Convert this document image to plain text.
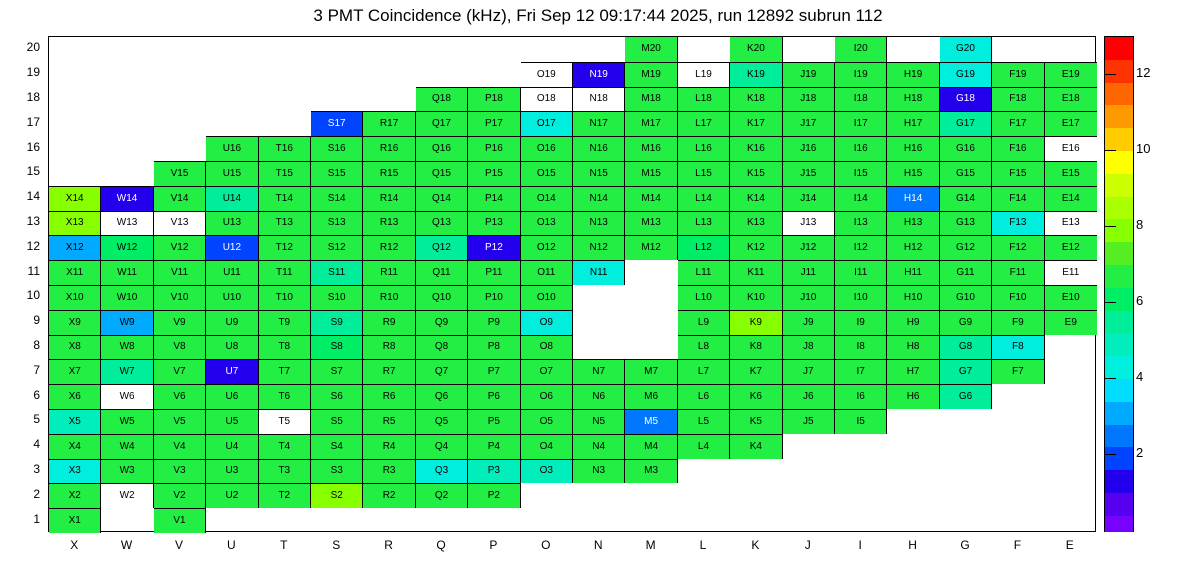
3 PMT Coincidence (kHz), Fri Sep 12 09:17:44 2025, run 12892 subrun 112
X1	V1
X2	W2	V2	U2	T2	S2	R2	Q2	P2
X3	W3	V3	U3	T3	S3	R3	Q3	P3	O3	N3	M3
X4	W4	V4	U4	T4	S4	R4	Q4	P4	O4	N4	M4	L4	K4
X5	W5	V5	U5	T5	S5	R5	Q5	P5	O5	N5	M5	L5	K5	J5	I5
X6	W6	V6	U6	T6	S6	R6	Q6	P6	O6	N6	M6	L6	K6	J6	I6	H6	G6
X7	W7	V7	U7	T7	S7	R7	Q7	P7	O7	N7	M7	L7	K7	J7	I7	H7	G7	F7
X8	W8	V8	U8	T8	S8	R8	Q8	P8	O8	L8	K8	J8	I8	H8	G8	F8
X9	W9	V9	U9	T9	S9	R9	Q9	P9	O9	L9	K9	J9	I9	H9	G9	F9	E9
X10	W10	V10	U10	T10	S10	R10	Q10	P10	O10	L10	K10	J10	I10	H10	G10	F10	E10
X11	W11	V11	U11	T11	S11	R11	Q11	P11	O11	N11	L11	K11	J11	I11	H11	G11	F11	E11
X12	W12	V12	U12	T12	S12	R12	Q12	P12	O12	N12	M12	L12	K12	J12	I12	H12	G12	F12	E12
X13	W13	V13	U13	T13	S13	R13	Q13	P13	O13	N13	M13	L13	K13	J13	I13	H13	G13	F13	E13
X14	W14	V14	U14	T14	S14	R14	Q14	P14	O14	N14	M14	L14	K14	J14	I14	H14	G14	F14	E14
V15	U15	T15	S15	R15	Q15	P15	O15	N15	M15	L15	K15	J15	I15	H15	G15	F15	E15
U16	T16	S16	R16	Q16	P16	O16	N16	M16	L16	K16	J16	I16	H16	G16	F16	E16
S17	R17	Q17	P17	O17	N17	M17	L17	K17	J17	I17	H17	G17	F17	E17
Q18	P18	O18	N18	M18	L18	K18	J18	I18	H18	G18	F18	E18
O19	N19	M19	L19	K19	J19	I19	H19	G19	F19	E19
M20	K20	I20	G20
1
2
3
4
5
6
7
8
9
10
11
12
13
14
15
16
17
18
19
20
X	W	V	U	T	S	R	Q	P	O	N	M	L	K	J	I	H	G	F	E
2
4
6
8
10
12
